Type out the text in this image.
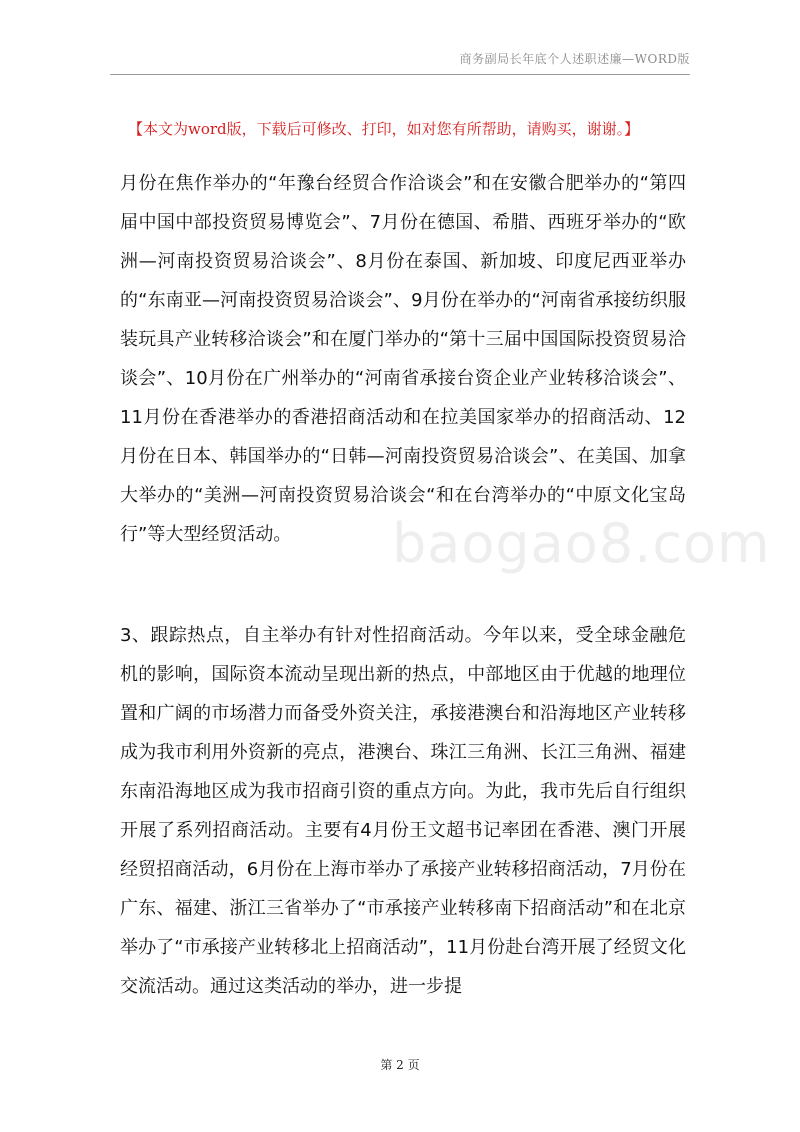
商务副局长年底个人述职述廉—WORD版
【本文为word版，下载后可修改、打印，如对您有所帮助，请购买，谢谢。】

月份在焦作举办的“年豫台经贸合作洽谈会”和在安徽合肥举办的“第四届中国中部投资贸易博览会”、7月份在德国、希腊、西班牙举办的“欧洲—河南投资贸易洽谈会”、8月份在泰国、新加坡、印度尼西亚举办的“东南亚—河南投资贸易洽谈会”、9月份在举办的“河南省承接纺织服装玩具产业转移洽谈会”和在厦门举办的“第十三届中国国际投资贸易洽谈会”、10月份在广州举办的“河南省承接台资企业产业转移洽谈会”、11月份在香港举办的香港招商活动和在拉美国家举办的招商活动、12月份在日本、韩国举办的“日韩—河南投资贸易洽谈会”、在美国、加拿大举办的“美洲—河南投资贸易洽谈会“和在台湾举办的“中原文化宝岛行”等大型经贸活动。

3、跟踪热点，自主举办有针对性招商活动。今年以来，受全球金融危机的影响，国际资本流动呈现出新的热点，中部地区由于优越的地理位置和广阔的市场潜力而备受外资关注，承接港澳台和沿海地区产业转移成为我市利用外资新的亮点，港澳台、珠江三角洲、长江三角洲、福建东南沿海地区成为我市招商引资的重点方向。为此，我市先后自行组织开展了系列招商活动。主要有4月份王文超书记率团在香港、澳门开展经贸招商活动，6月份在上海市举办了承接产业转移招商活动，7月份在广东、福建、浙江三省举办了“市承接产业转移南下招商活动”和在北京举办了“市承接产业转移北上招商活动”，11月份赴台湾开展了经贸文化交流活动。通过这类活动的举办，进一步提

baogao8.com
第 2 页
